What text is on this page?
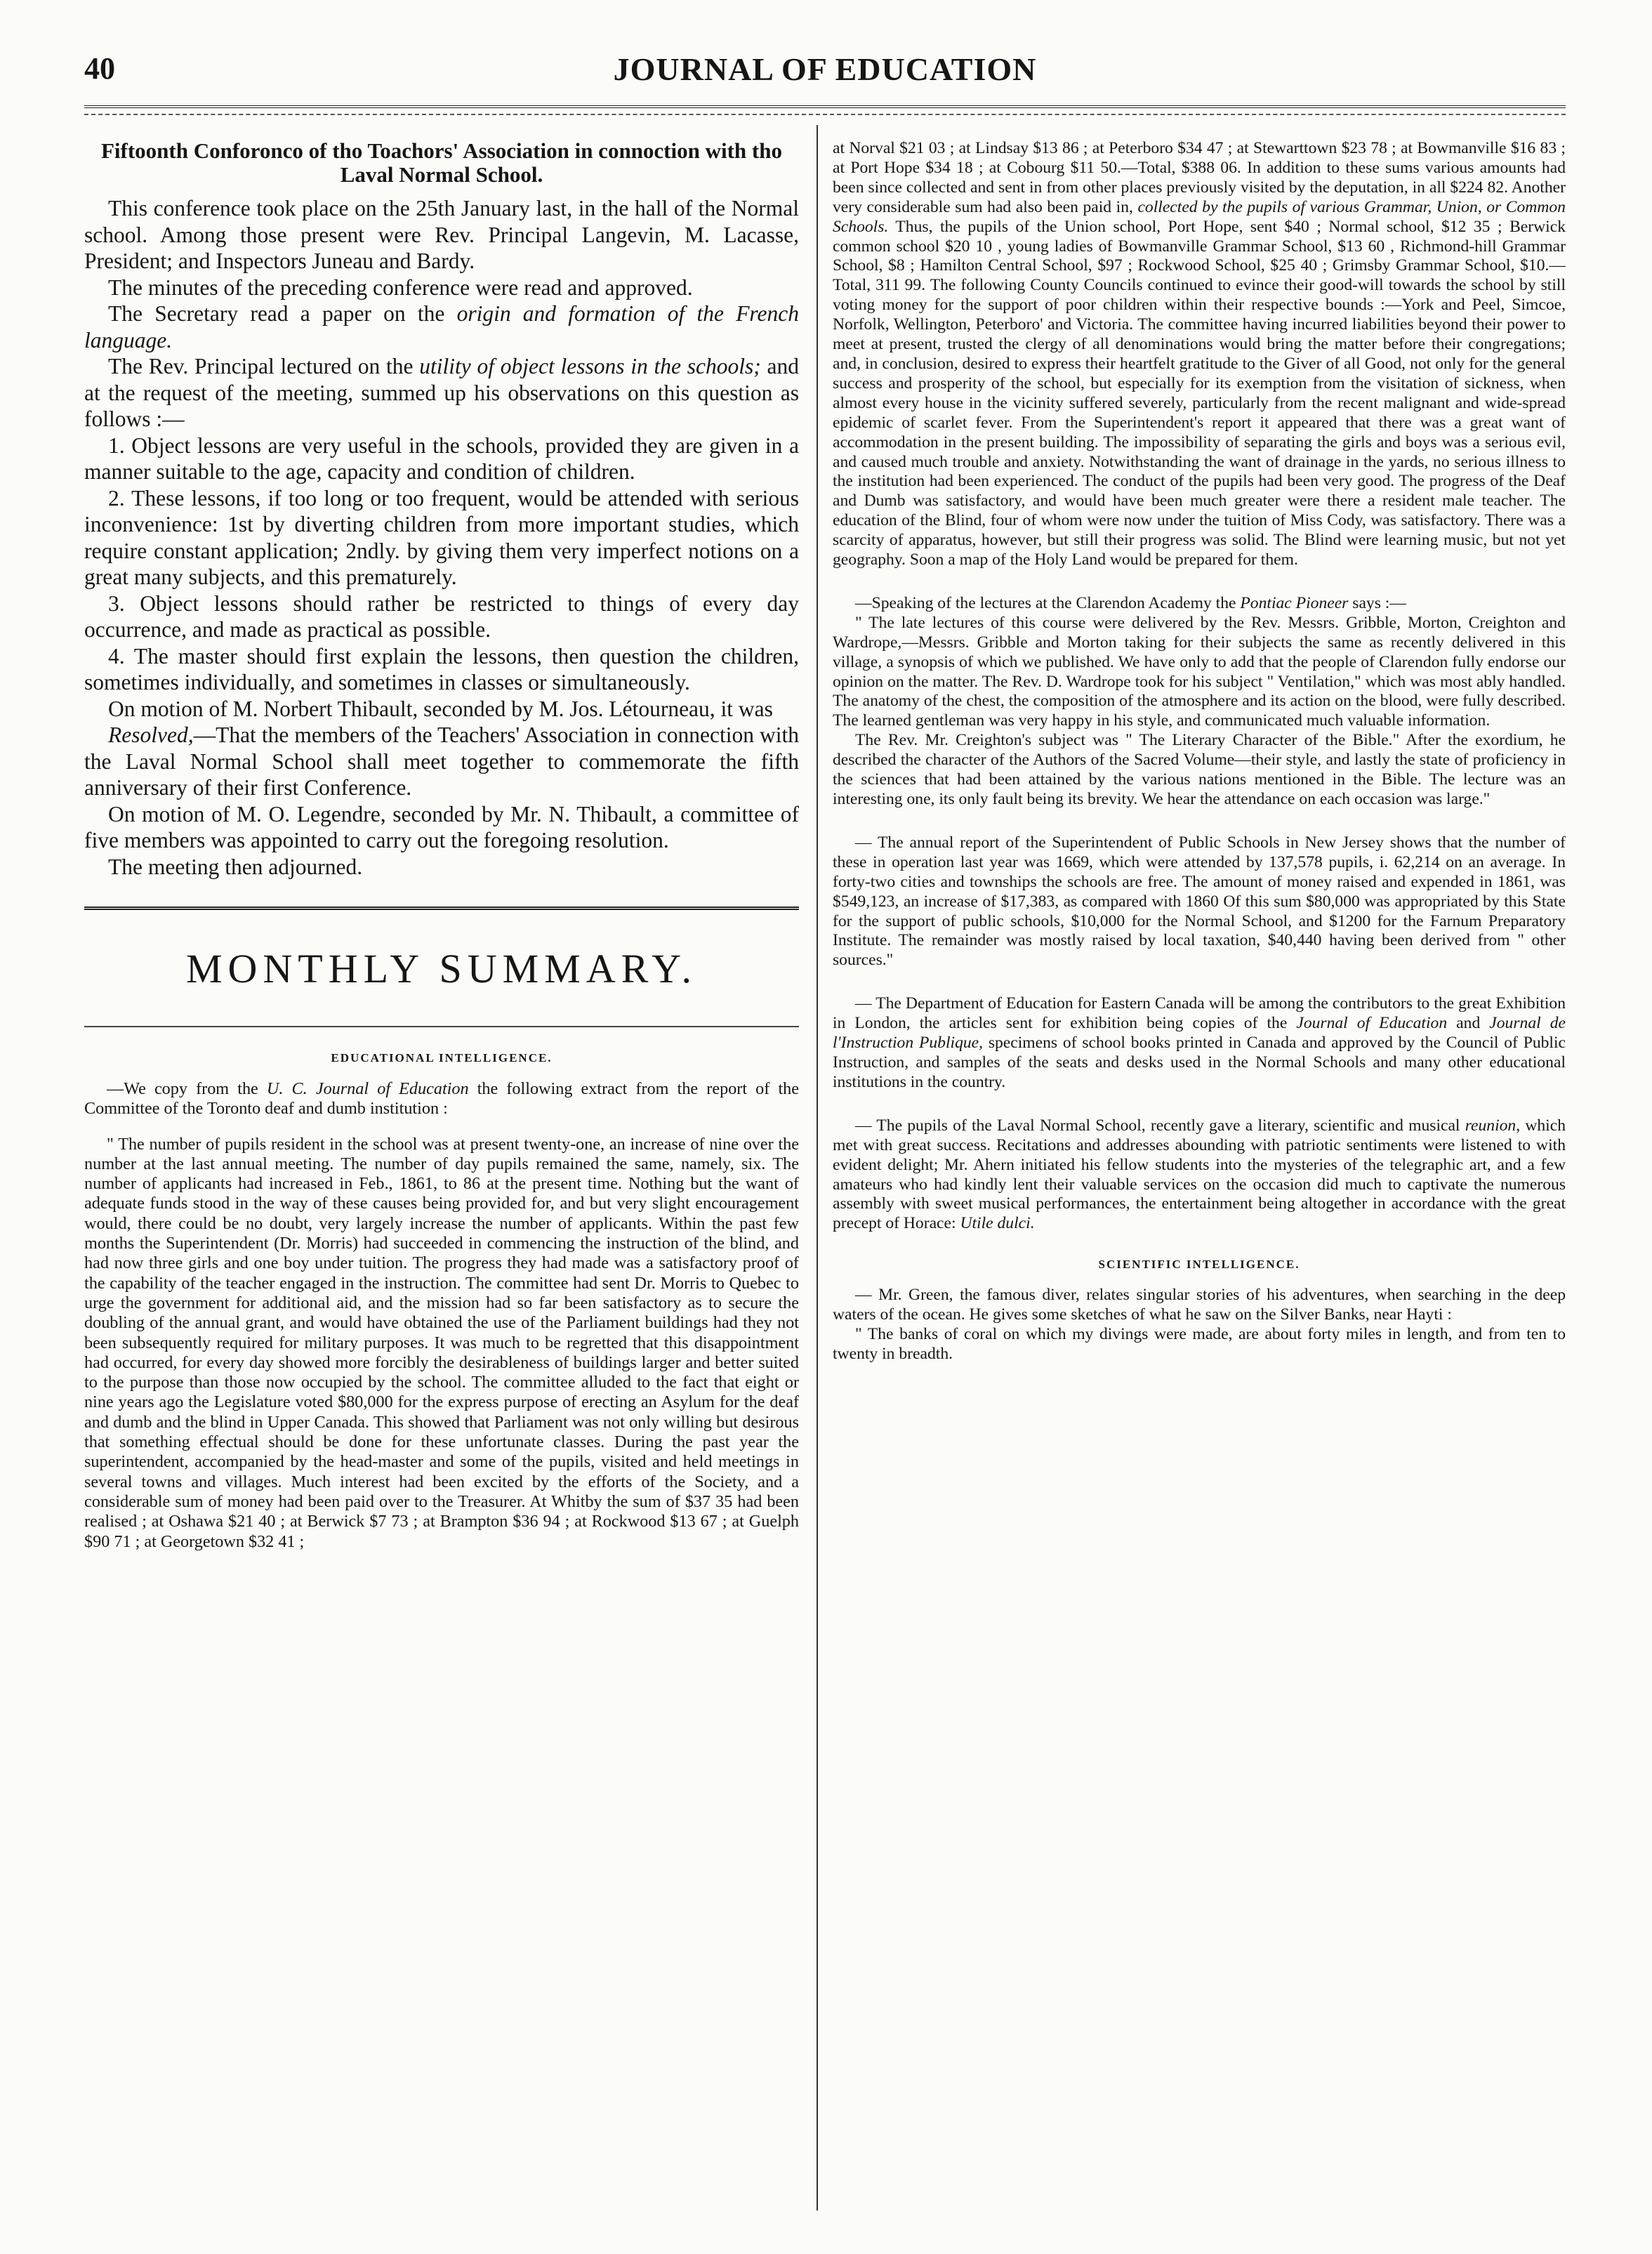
40	JOURNAL OF EDUCATION
Fiftoonth Conforonco of tho Toachors' Association in connoction with tho Laval Normal School.

This conference took place on the 25th January last, in the hall of the Normal school. Among those present were Rev. Principal Langevin, M. Lacasse, President; and Inspectors Juneau and Bardy.

The minutes of the preceding conference were read and approved.

The Secretary read a paper on the origin and formation of the French language.

The Rev. Principal lectured on the utility of object lessons in the schools; and at the request of the meeting, summed up his observations on this question as follows :—

1. Object lessons are very useful in the schools, provided they are given in a manner suitable to the age, capacity and condition of children.

2. These lessons, if too long or too frequent, would be attended with serious inconvenience: 1st by diverting children from more important studies, which require constant application; 2ndly. by giving them very imperfect notions on a great many subjects, and this prematurely.

3. Object lessons should rather be restricted to things of every day occurrence, and made as practical as possible.

4. The master should first explain the lessons, then question the children, sometimes individually, and sometimes in classes or simultaneously.

On motion of M. Norbert Thibault, seconded by M. Jos. Létourneau, it was

Resolved,—That the members of the Teachers' Association in connection with the Laval Normal School shall meet together to commemorate the fifth anniversary of their first Conference.

On motion of M. O. Legendre, seconded by Mr. N. Thibault, a committee of five members was appointed to carry out the foregoing resolution.

The meeting then adjourned.

MONTHLY SUMMARY.
EDUCATIONAL INTELLIGENCE.

—We copy from the U. C. Journal of Education the following extract from the report of the Committee of the Toronto deaf and dumb institution :

" The number of pupils resident in the school was at present twenty-one, an increase of nine over the number at the last annual meeting. The number of day pupils remained the same, namely, six. The number of applicants had increased in Feb., 1861, to 86 at the present time. Nothing but the want of adequate funds stood in the way of these causes being provided for, and but very slight encouragement would, there could be no doubt, very largely increase the number of applicants. Within the past few months the Superintendent (Dr. Morris) had succeeded in commencing the instruction of the blind, and had now three girls and one boy under tuition. The progress they had made was a satisfactory proof of the capability of the teacher engaged in the instruction. The committee had sent Dr. Morris to Quebec to urge the government for additional aid, and the mission had so far been satisfactory as to secure the doubling of the annual grant, and would have obtained the use of the Parliament buildings had they not been subsequently required for military purposes. It was much to be regretted that this disappointment had occurred, for every day showed more forcibly the desirableness of buildings larger and better suited to the purpose than those now occupied by the school. The committee alluded to the fact that eight or nine years ago the Legislature voted $80,000 for the express purpose of erecting an Asylum for the deaf and dumb and the blind in Upper Canada. This showed that Parliament was not only willing but desirous that something effectual should be done for these unfortunate classes. During the past year the superintendent, accompanied by the head-master and some of the pupils, visited and held meetings in several towns and villages. Much interest had been excited by the efforts of the Society, and a considerable sum of money had been paid over to the Treasurer. At Whitby the sum of $37 35 had been realised ; at Oshawa $21 40 ; at Berwick $7 73 ; at Brampton $36 94 ; at Rockwood $13 67 ; at Guelph $90 71 ; at Georgetown $32 41 ;

at Norval $21 03 ; at Lindsay $13 86 ; at Peterboro $34 47 ; at Stewarttown $23 78 ; at Bowmanville $16 83 ; at Port Hope $34 18 ; at Cobourg $11 50.—Total, $388 06. In addition to these sums various amounts had been since collected and sent in from other places previously visited by the deputation, in all $224 82. Another very considerable sum had also been paid in, collected by the pupils of various Grammar, Union, or Common Schools. Thus, the pupils of the Union school, Port Hope, sent $40 ; Normal school, $12 35 ; Berwick common school $20 10 , young ladies of Bowmanville Grammar School, $13 60 , Richmond-hill Grammar School, $8 ; Hamilton Central School, $97 ; Rockwood School, $25 40 ; Grimsby Grammar School, $10.—Total, 311 99. The following County Councils continued to evince their good-will towards the school by still voting money for the support of poor children within their respective bounds :—York and Peel, Simcoe, Norfolk, Wellington, Peterboro' and Victoria. The committee having incurred liabilities beyond their power to meet at present, trusted the clergy of all denominations would bring the matter before their congregations; and, in conclusion, desired to express their heartfelt gratitude to the Giver of all Good, not only for the general success and prosperity of the school, but especially for its exemption from the visitation of sickness, when almost every house in the vicinity suffered severely, particularly from the recent malignant and wide-spread epidemic of scarlet fever. From the Superintendent's report it appeared that there was a great want of accommodation in the present building. The impossibility of separating the girls and boys was a serious evil, and caused much trouble and anxiety. Notwithstanding the want of drainage in the yards, no serious illness to the institution had been experienced. The conduct of the pupils had been very good. The progress of the Deaf and Dumb was satisfactory, and would have been much greater were there a resident male teacher. The education of the Blind, four of whom were now under the tuition of Miss Cody, was satisfactory. There was a scarcity of apparatus, however, but still their progress was solid. The Blind were learning music, but not yet geography. Soon a map of the Holy Land would be prepared for them.

—Speaking of the lectures at the Clarendon Academy the Pontiac Pioneer says :—

" The late lectures of this course were delivered by the Rev. Messrs. Gribble, Morton, Creighton and Wardrope,—Messrs. Gribble and Morton taking for their subjects the same as recently delivered in this village, a synopsis of which we published. We have only to add that the people of Clarendon fully endorse our opinion on the matter. The Rev. D. Wardrope took for his subject " Ventilation," which was most ably handled. The anatomy of the chest, the composition of the atmosphere and its action on the blood, were fully described. The learned gentleman was very happy in his style, and communicated much valuable information.

The Rev. Mr. Creighton's subject was " The Literary Character of the Bible." After the exordium, he described the character of the Authors of the Sacred Volume—their style, and lastly the state of proficiency in the sciences that had been attained by the various nations mentioned in the Bible. The lecture was an interesting one, its only fault being its brevity. We hear the attendance on each occasion was large."

— The annual report of the Superintendent of Public Schools in New Jersey shows that the number of these in operation last year was 1669, which were attended by 137,578 pupils, i. 62,214 on an average. In forty-two cities and townships the schools are free. The amount of money raised and expended in 1861, was $549,123, an increase of $17,383, as compared with 1860 Of this sum $80,000 was appropriated by this State for the support of public schools, $10,000 for the Normal School, and $1200 for the Farnum Preparatory Institute. The remainder was mostly raised by local taxation, $40,440 having been derived from " other sources."

— The Department of Education for Eastern Canada will be among the contributors to the great Exhibition in London, the articles sent for exhibition being copies of the Journal of Education and Journal de l'Instruction Publique, specimens of school books printed in Canada and approved by the Council of Public Instruction, and samples of the seats and desks used in the Normal Schools and many other educational institutions in the country.

— The pupils of the Laval Normal School, recently gave a literary, scientific and musical reunion, which met with great success. Recitations and addresses abounding with patriotic sentiments were listened to with evident delight; Mr. Ahern initiated his fellow students into the mysteries of the telegraphic art, and a few amateurs who had kindly lent their valuable services on the occasion did much to captivate the numerous assembly with sweet musical performances, the entertainment being altogether in accordance with the great precept of Horace: Utile dulci.

SCIENTIFIC INTELLIGENCE.

— Mr. Green, the famous diver, relates singular stories of his adventures, when searching in the deep waters of the ocean. He gives some sketches of what he saw on the Silver Banks, near Hayti :

" The banks of coral on which my divings were made, are about forty miles in length, and from ten to twenty in breadth.
